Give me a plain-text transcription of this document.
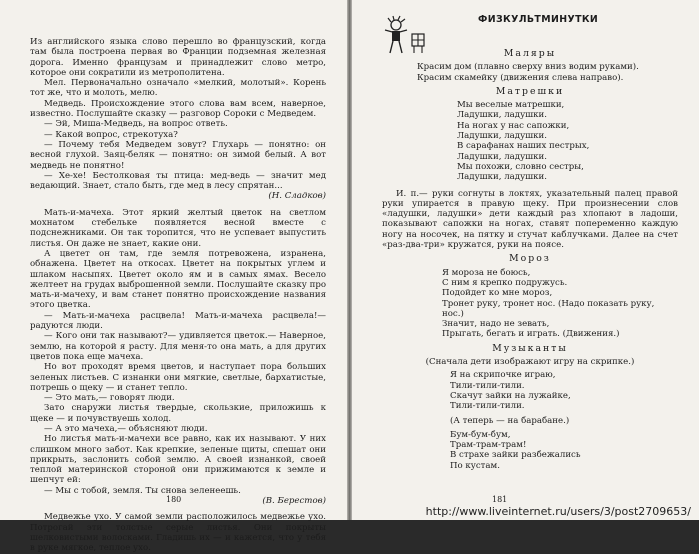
Из английского языка слово перешло во французский, когда там была построена первая во Франции подземная железная дорога. Именно французам и принадлежит слово метро, которое они сократили из метрополитена.

Мел. Первоначально означало «мелкий, молотый». Корень тот же, что и молоть, мелю.

Медведь. Происхождение этого слова вам всем, наверное, известно. Послушайте сказку — разговор Сороки с Медведем.

— Эй, Миша-Медведь, на вопрос ответь.

— Какой вопрос, стрекотуха?

— Почему тебя Медведем зовут? Глухарь — понятно: он весной глухой. Заяц-беляк — понятно: он зимой белый. А вот медведь не понятно!

— Хе-хе! Бестолковая ты птица: мед-ведь — значит мед ведающий. Знает, стало быть, где мед в лесу спрятан...

(Н. Сладков)

Мать-и-мачеха. Этот яркий желтый цветок на светлом мохнатом стебельке появляется весной вместе с подснежниками. Он так торопится, что не успевает выпустить листья. Он даже не знает, какие они.

А цветет он там, где земля потревожена, изранена, обнажена. Цветет на откосах. Цветет на покрытых углем и шлаком насыпях. Цветет около ям и в самых ямах. Весело желтеет на грудах выброшенной земли. Послушайте сказку про мать-и-мачеху, и вам станет понятно происхождение названия этого цветка.

— Мать-и-мачеха расцвела! Мать-и-мачеха расцвела!— радуются люди.

— Кого они так называют?— удивляется цветок.— Наверное, землю, на которой я расту. Для меня-то она мать, а для других цветов пока еще мачеха.

Но вот проходят время цветов, и наступает пора больших зеленых листьев. С изнанки они мягкие, светлые, бархатистые, потрешь о щеку — и станет тепло.

— Это мать,— говорят люди.

Зато снаружи листья твердые, скользкие, приложишь к щеке — и почувствуешь холод.

— А это мачеха,— объясняют люди.

Но листья мать-и-мачехи все равно, как их называют. У них слишком много забот. Как крепкие, зеленые щиты, спешат они прикрыть, заслонить собой землю. А своей изнанкой, своей теплой материнской стороной они прижимаются к земле и шепчут ей:

— Мы с тобой, земля. Ты снова зеленеешь.

(В. Берестов)

Медвежье ухо. У самой земли расположилось медвежье ухо. Потрогай эти толстые серые листья. Они покрыты шелковистыми волосками. Гладишь их — и кажется, что у тебя в руке мягкое, теплое ухо.

180
ФИЗКУЛЬТМИНУТКИ

Маляры

Красим дом (плавно сверху вниз водим руками).

Красим скамейку (движения слева направо).

Матрешки

Мы веселые матрешки,
Ладушки, ладушки.
На ногах у нас сапожки,
Ладушки, ладушки.
В сарафанах наших пестрых,
Ладушки, ладушки.
Мы похожи, словно сестры,
Ладушки, ладушки.

И. п.— руки согнуты в локтях, указательный палец правой руки упирается в правую щеку. При произнесении слов «ладушки, ладушки» дети каждый раз хлопают в ладоши, показывают сапожки на ногах, ставят попеременно каждую ногу на носочек, на пятку и стучат каблучками. Далее на счет «раз-два-три» кружатся, руки на поясе.

Мороз

Я мороза не боюсь,
С ним я крепко подружусь.
Подойдет ко мне мороз,
Тронет руку, тронет нос. (Надо показать руку, нос.)
Значит, надо не зевать,
Прыгать, бегать и играть. (Движения.)

Музыканты

(Сначала дети изображают игру на скрипке.)

Я на скрипочке играю,
Тили-тили-тили.
Скачут зайки на лужайке,
Тили-тили-тили.
(А теперь — на барабане.)
Бум-бум-бум,
Трам-трам-трам!
В страхе зайки разбежались
По кустам.
181
http://www.liveinternet.ru/users/3/post2709653/
